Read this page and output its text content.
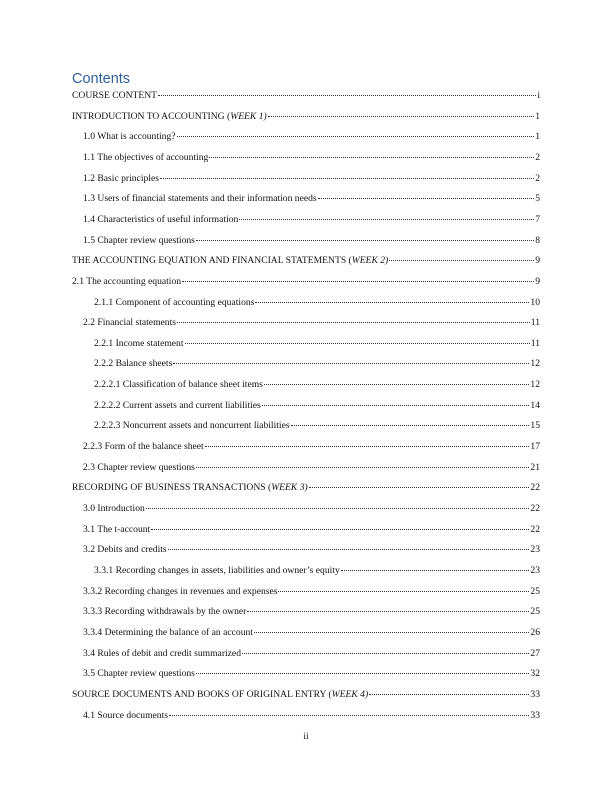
Contents
COURSE CONTENT	i
INTRODUCTION TO ACCOUNTING (WEEK 1)	1
1.0 What is accounting?	1
1.1 The objectives of accounting	2
1.2 Basic principles	2
1.3 Users of financial statements and their information needs	5
1.4 Characteristics of useful information	7
1.5 Chapter review questions	8
THE ACCOUNTING EQUATION AND FINANCIAL STATEMENTS (WEEK 2)	9
2.1 The accounting equation	9
2.1.1 Component of accounting equations	10
2.2 Financial statements	11
2.2.1 Income statement	11
2.2.2 Balance sheets	12
2.2.2.1 Classification of balance sheet items	12
2.2.2.2 Current assets and current liabilities	14
2.2.2.3 Noncurrent assets and noncurrent liabilities	15
2.2.3 Form of the balance sheet	17
2.3 Chapter review questions	21
RECORDING OF BUSINESS TRANSACTIONS (WEEK 3)	22
3.0 Introduction	22
3.1 The t-account	22
3.2 Debits and credits	23
3.3.1 Recording changes in assets, liabilities and owner’s equity	23
3.3.2 Recording changes in revenues and expenses	25
3.3.3 Recording withdrawals by the owner	25
3.3.4 Determining the balance of an account	26
3.4 Rules of debit and credit summarized	27
3.5 Chapter review questions	32
SOURCE DOCUMENTS AND BOOKS OF ORIGINAL ENTRY (WEEK 4)	33
4.1 Source documents	33
ii
